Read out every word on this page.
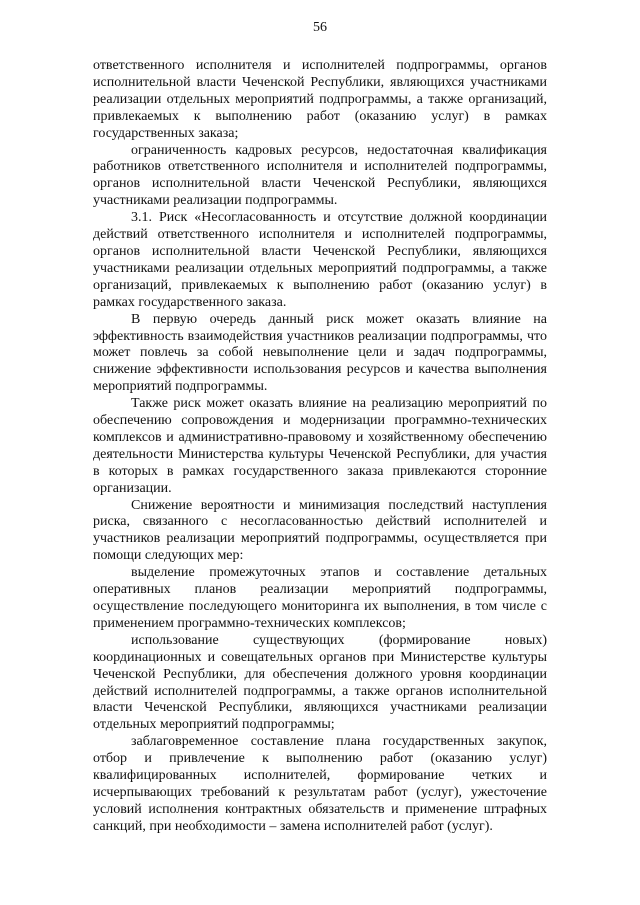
56

ответственного исполнителя и исполнителей подпрограммы, органов исполнительной власти Чеченской Республики, являющихся участниками реализации отдельных мероприятий подпрограммы, а также организаций, привлекаемых к выполнению работ (оказанию услуг) в рамках государственных заказа;

ограниченность кадровых ресурсов, недостаточная квалификация работников ответственного исполнителя и исполнителей подпрограммы, органов исполнительной власти Чеченской Республики, являющихся участниками реализации подпрограммы.

3.1. Риск «Несогласованность и отсутствие должной координации действий ответственного исполнителя и исполнителей подпрограммы, органов исполнительной власти Чеченской Республики, являющихся участниками реализации отдельных мероприятий подпрограммы, а также организаций, привлекаемых к выполнению работ (оказанию услуг) в рамках государственного заказа.

В первую очередь данный риск может оказать влияние на эффективность взаимодействия участников реализации подпрограммы, что может повлечь за собой невыполнение цели и задач подпрограммы, снижение эффективности использования ресурсов и качества выполнения мероприятий подпрограммы.

Также риск может оказать влияние на реализацию мероприятий по обеспечению сопровождения и модернизации программно-технических комплексов и административно-правовому и хозяйственному обеспечению деятельности Министерства культуры Чеченской Республики, для участия в которых в рамках государственного заказа привлекаются сторонние организации.

Снижение вероятности и минимизация последствий наступления риска, связанного с несогласованностью действий исполнителей и участников реализации мероприятий подпрограммы, осуществляется при помощи следующих мер:

выделение промежуточных этапов и составление детальных оперативных планов реализации мероприятий подпрограммы, осуществление последующего мониторинга их выполнения, в том числе с применением программно-технических комплексов;

использование существующих (формирование новых) координационных и совещательных органов при Министерстве культуры Чеченской Республики, для обеспечения должного уровня координации действий исполнителей подпрограммы, а также органов исполнительной власти Чеченской Республики, являющихся участниками реализации отдельных мероприятий подпрограммы;

заблаговременное составление плана государственных закупок, отбор и привлечение к выполнению работ (оказанию услуг) квалифицированных исполнителей, формирование четких и исчерпывающих требований к результатам работ (услуг), ужесточение условий исполнения контрактных обязательств и применение штрафных санкций, при необходимости – замена исполнителей работ (услуг).
